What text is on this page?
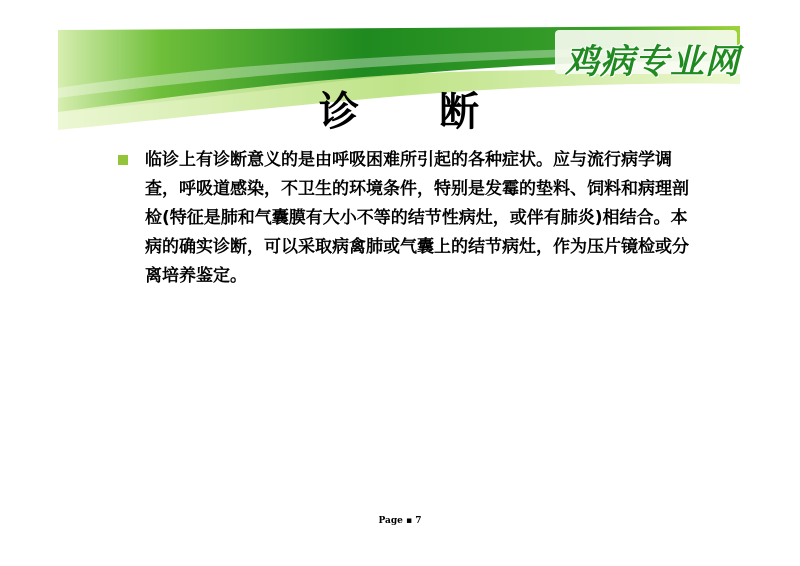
鸡病专业网
诊 断
临诊上有诊断意义的是由呼吸困难所引起的各种症状。应与流行病学调查，呼吸道感染，不卫生的环境条件，特别是发霉的垫料、饲料和病理剖检(特征是肺和气囊膜有大小不等的结节性病灶，或伴有肺炎)相结合。本病的确实诊断，可以采取病禽肺或气囊上的结节病灶，作为压片镜检或分离培养鉴定。
Page ▪ 7
